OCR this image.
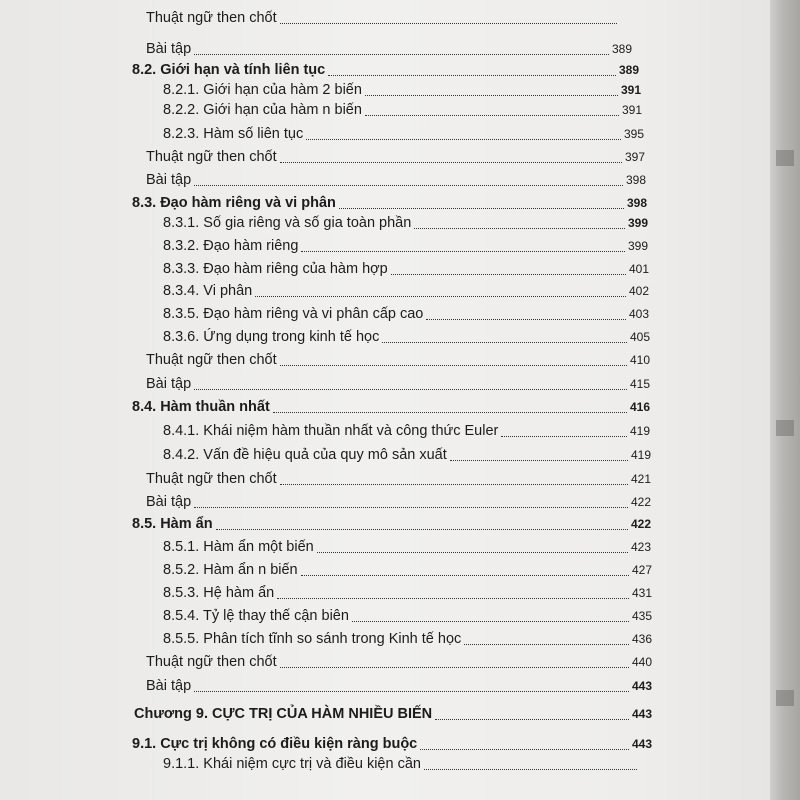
Thuật ngữ then chốt
Bài tập	389
8.2. Giới hạn và tính liên tục	389
8.2.1. Giới hạn của hàm 2 biến	391
8.2.2. Giới hạn của hàm n biến	391
8.2.3. Hàm số liên tục	395
Thuật ngữ then chốt	397
Bài tập	398
8.3. Đạo hàm riêng và vi phân	398
8.3.1. Số gia riêng và số gia toàn phần	399
8.3.2. Đạo hàm riêng	399
8.3.3. Đạo hàm riêng của hàm hợp	401
8.3.4. Vi phân	402
8.3.5. Đạo hàm riêng và vi phân cấp cao	403
8.3.6. Ứng dụng trong kinh tế học	405
Thuật ngữ then chốt	410
Bài tập	415
8.4. Hàm thuần nhất	416
8.4.1. Khái niệm hàm thuần nhất và công thức Euler	419
8.4.2. Vấn đề hiệu quả của quy mô sản xuất	419
Thuật ngữ then chốt	421
Bài tập	422
8.5. Hàm ẩn	422
8.5.1. Hàm ẩn một biến	423
8.5.2. Hàm ẩn n biến	427
8.5.3. Hệ hàm ẩn	431
8.5.4. Tỷ lệ thay thế cận biên	435
8.5.5. Phân tích tĩnh so sánh trong Kinh tế học	436
Thuật ngữ then chốt	440
Bài tập	443
Chương 9. CỰC TRỊ CỦA HÀM NHIỀU BIẾN	443
9.1. Cực trị không có điều kiện ràng buộc	443
9.1.1. Khái niệm cực trị và điều kiện cần
